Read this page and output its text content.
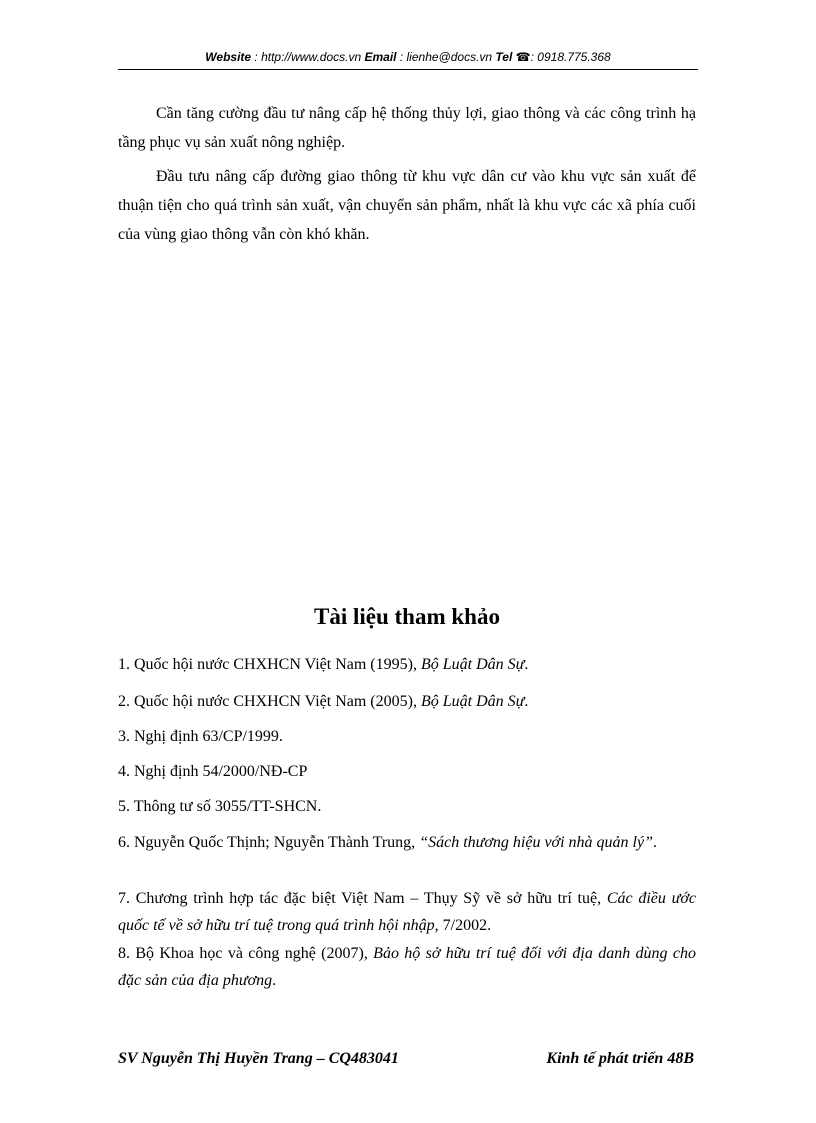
Website : http://www.docs.vn Email : lienhe@docs.vn Tel ☎: 0918.775.368

Cần tăng cường đầu tư nâng cấp hệ thống thủy lợi, giao thông và các công trình hạ tầng phục vụ sản xuất nông nghiệp.

Đầu tưu nâng cấp đường giao thông từ khu vực dân cư vào khu vực sản xuất để thuận tiện cho quá trình sản xuất, vận chuyển sản phẩm, nhất là khu vực các xã phía cuối của vùng giao thông vẫn còn khó khăn.

Tài liệu tham khảo

1. Quốc hội nước CHXHCN Việt Nam (1995), Bộ Luật Dân Sự.

2. Quốc hội nước CHXHCN Việt Nam (2005), Bộ Luật Dân Sự.

3. Nghị định 63/CP/1999.

4. Nghị định 54/2000/NĐ-CP

5. Thông tư số 3055/TT-SHCN.

6. Nguyễn Quốc Thịnh; Nguyễn Thành Trung, “Sách thương hiệu với nhà quản lý”.

7. Chương trình hợp tác đặc biệt Việt Nam – Thụy Sỹ về sở hữu trí tuệ, Các điều ước quốc tế về sở hữu trí tuệ trong quá trình hội nhập, 7/2002.

8. Bộ Khoa học và công nghệ (2007), Bảo hộ sở hữu trí tuệ đối với địa danh dùng cho đặc sản của địa phương.

SV Nguyễn Thị Huyền Trang – CQ483041	Kinh tế phát triển 48B
